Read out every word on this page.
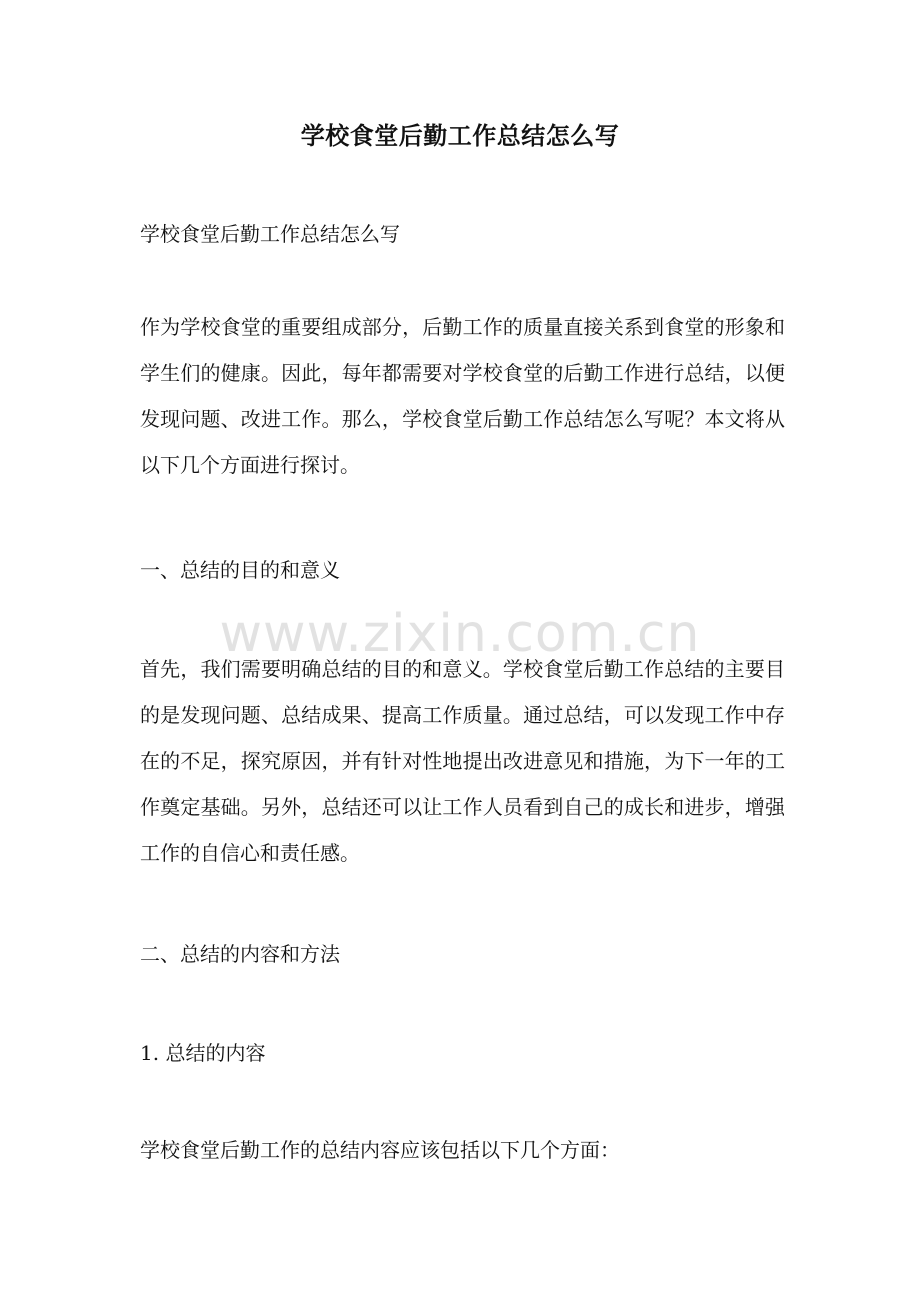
学校食堂后勤工作总结怎么写
学校食堂后勤工作总结怎么写
作为学校食堂的重要组成部分，后勤工作的质量直接关系到食堂的形象和学生们的健康。因此，每年都需要对学校食堂的后勤工作进行总结，以便发现问题、改进工作。那么，学校食堂后勤工作总结怎么写呢？本文将从以下几个方面进行探讨。
一、总结的目的和意义
www.zixin.com.cn
首先，我们需要明确总结的目的和意义。学校食堂后勤工作总结的主要目的是发现问题、总结成果、提高工作质量。通过总结，可以发现工作中存在的不足，探究原因，并有针对性地提出改进意见和措施，为下一年的工作奠定基础。另外，总结还可以让工作人员看到自己的成长和进步，增强工作的自信心和责任感。
二、总结的内容和方法
1. 总结的内容
学校食堂后勤工作的总结内容应该包括以下几个方面：
